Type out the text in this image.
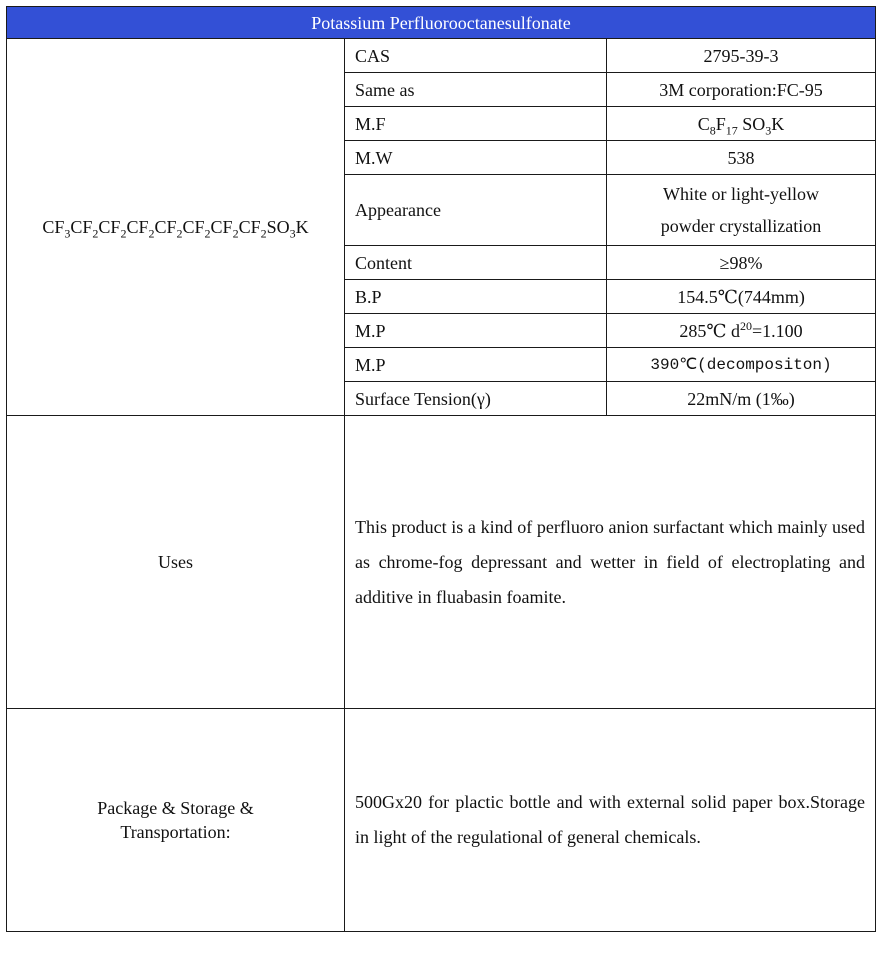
Potassium Perfluorooctanesulfonate		
$CF_3CF_2CF_2CF_2CF_2CF_2CF_2CF_2SO_3K$	CAS	2795-39-3
	Same as	3M corporation:FC-95
	M.F	$C_8F_{17}$ $SO_3K$
	M.W	538
	Appearance	White or light-yellow
powder crystallization

	Content	≥98%
	B.P	154.5℃(744mm)
	M.P	285℃ $d^{20}=1.100$
	M.P	390℃(decompositon)
	Surface Tension(γ)	22mN/m (1‰)
Uses	This product is a kind of perfluoro anion surfactant which mainly used as chrome-fog depressant and wetter in field of electroplating and additive in fluabasin foamite.	
Package & Storage & Transportation:	500Gx20 for plactic bottle and with external solid paper box.Storage in light of the regulational of general chemicals.	
